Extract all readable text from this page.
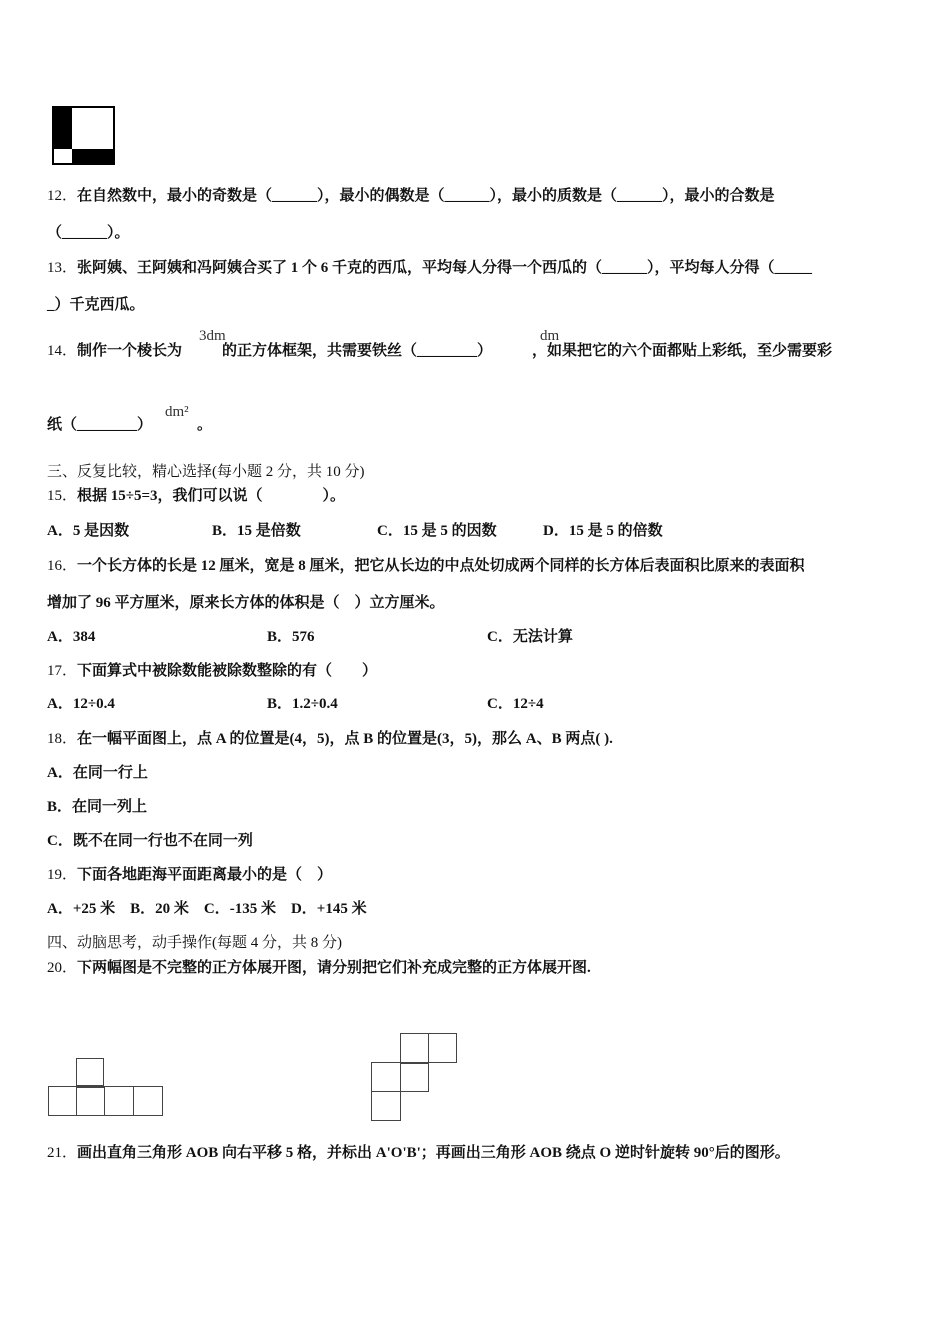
12．在自然数中，最小的奇数是（______），最小的偶数是（______），最小的质数是（______），最小的合数是
（______）。
13．张阿姨、王阿姨和冯阿姨合买了 1 个 6 千克的西瓜，平均每人分得一个西瓜的（______），平均每人分得（_____
_）千克西瓜。
14．制作一个棱长为	的正方体框架，共需要铁丝（________）	，如果把它的六个面都贴上彩纸，至少需要彩
3dm	dm
纸（________）	。
dm²
三、反复比较，精心选择(每小题 2 分，共 10 分)
15．根据 15÷5=3，我们可以说（　　　　）。
A．5 是因数	B．15 是倍数	C．15 是 5 的因数	D．15 是 5 的倍数
16．一个长方体的长是 12 厘米，宽是 8 厘米，把它从长边的中点处切成两个同样的长方体后表面积比原来的表面积
增加了 96 平方厘米，原来长方体的体积是（　）立方厘米。
A．384	B．576	C．无法计算
17．下面算式中被除数能被除数整除的有（　　）
A．12÷0.4	B．1.2÷0.4	C．12÷4
18．在一幅平面图上，点 A 的位置是(4，5)，点 B 的位置是(3，5)，那么 A、B 两点( ).
A．在同一行上
B．在同一列上
C．既不在同一行也不在同一列
19．下面各地距海平面距离最小的是（　）
A．+25 米　B．20 米　C．-135 米　D．+145 米
四、动脑思考，动手操作(每题 4 分，共 8 分)
20．下两幅图是不完整的正方体展开图，请分别把它们补充成完整的正方体展开图.
21．画出直角三角形 AOB 向右平移 5 格，并标出 A'O'B'；再画出三角形 AOB 绕点 O 逆时针旋转 90°后的图形。
